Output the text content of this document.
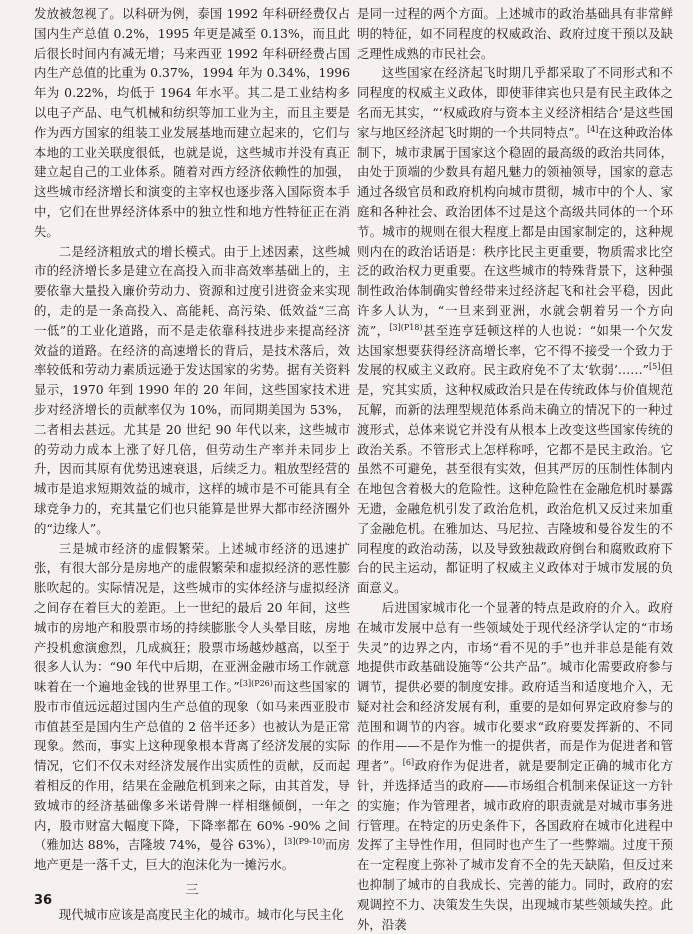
发放被忽视了。以科研为例，泰国 1992 年科研经费仅占国内生产总值 0.2%，1995 年更是减至 0.13%，而且此后很长时间内有减无增；马来西亚 1992 年科研经费占国内生产总值的比重为 0.37%，1994 年为 0.34%，1996 年为 0.22%，均低于 1964 年水平。其二是工业结构多以电子产品、电气机械和纺织等加工业为主，而且主要是作为西方国家的组装工业发展基地而建立起来的，它们与本地的工业关联度很低，也就是说，这些城市并没有真正建立起自己的工业体系。随着对西方经济依赖性的加强，这些城市经济增长和演变的主宰权也逐步落入国际资本手中，它们在世界经济体系中的独立性和地方性特征正在消失。

二是经济粗放式的增长模式。由于上述因素，这些城市的经济增长多是建立在高投入而非高效率基础上的，主要依靠大量投入廉价劳动力、资源和过度引进资金来实现的，走的是一条高投入、高能耗、高污染、低效益“三高一低”的工业化道路，而不是走依靠科技进步来提高经济效益的道路。在经济的高速增长的背后，是技术落后，效率较低和劳动力素质远逊于发达国家的劣势。据有关资料显示，1970 年到 1990 年的 20 年间，这些国家技术进步对经济增长的贡献率仅为 10%，而同期美国为 53%，二者相去甚远。尤其是 20 世纪 90 年代以来，这些城市的劳动力成本上涨了好几倍，但劳动生产率并未同步上升，因而其原有优势迅速衰退，后续乏力。粗放型经营的城市是追求短期效益的城市，这样的城市是不可能具有全球竞争力的，充其量它们也只能算是世界大都市经济圈外的“边缘人”。

三是城市经济的虚假繁荣。上述城市经济的迅速扩张，有很大部分是房地产的虚假繁荣和虚拟经济的恶性膨胀吹起的。实际情况是，这些城市的实体经济与虚拟经济之间存在着巨大的差距。上一世纪的最后 20 年间，这些城市的房地产和股票市场的持续膨胀令人头晕目眩，房地产投机愈演愈烈，几成疯狂；股票市场越炒越高，以至于很多人认为：“90 年代中后期，在亚洲金融市场工作就意味着在一个遍地金钱的世界里工作。”$^{[3](P26)}$而这些国家的股市市值远远超过国内生产总值的现象（如马来西亚股市市值甚至是国内生产总值的 2 倍半还多）也被认为是正常现象。然而，事实上这种现象根本背离了经济发展的实际情况，它们不仅未对经济发展作出实质性的贡献，反而起着相反的作用，结果在金融危机到来之际，由其首发，导致城市的经济基础像多米诺骨牌一样相继倾倒，一年之内，股市财富大幅度下降，下降率都在 60% -90% 之间（雅加达 88%，吉隆坡 74%，曼谷 63%），$^{[3](P9-10)}$而房地产更是一落千丈，巨大的泡沫化为一摊污水。

三

现代城市应该是高度民主化的城市。城市化与民主化

是同一过程的两个方面。上述城市的政治基础具有非常鲜明的特征，如不同程度的权威政治、政府过度干预以及缺乏理性成熟的市民社会。

这些国家在经济起飞时期几乎都采取了不同形式和不同程度的权威主义政体，即使菲律宾也只是有民主政体之名而无其实，“‘权威政府与资本主义经济相结合’是这些国家与地区经济起飞时期的一个共同特点”。[4]在这种政治体制下，城市隶属于国家这个稳固的最高级的政治共同体，由处于顶端的少数具有超凡魅力的领袖领导，国家的意志通过各级官员和政府机构向城市贯彻，城市中的个人、家庭和各种社会、政治团体不过是这个高级共同体的一个环节。城市的规则在很大程度上都是由国家制定的，这种规则内在的政治话语是：秩序比民主更重要，物质需求比空泛的政治权力更重要。在这些城市的特殊背景下，这种强制性政治体制确实曾经带来过经济起飞和社会平稳，因此许多人认为，“一旦来到亚洲，水就会朝着另一个方向流”，$^{[3](P18)}$甚至连亨廷顿这样的人也说：“如果一个欠发达国家想要获得经济高增长率，它不得不接受一个致力于发展的权威主义政府。民主政府免不了太‘软弱’……”[5]但是，究其实质，这种权威政治只是在传统政体与价值规范瓦解，而新的法理型规范体系尚未确立的情况下的一种过渡形式，总体来说它并没有从根本上改变这些国家传统的政治关系。不管形式上怎样称呼，它都不是民主政治。它虽然不可避免，甚至很有实效，但其严厉的压制性体制内在地包含着极大的危险性。这种危险性在金融危机时暴露无遗，金融危机引发了政治危机，政治危机又反过来加重了金融危机。在雅加达、马尼拉、吉隆坡和曼谷发生的不同程度的政治动荡，以及导致独裁政府倒台和腐败政府下台的民主运动，都证明了权威主义政体对于城市发展的负面意义。

后进国家城市化一个显著的特点是政府的介入。政府在城市发展中总有一些领域处于现代经济学认定的“市场失灵”的边界之内，市场“看不见的手”也并非总是能有效地提供市政基础设施等“公共产品”。城市化需要政府参与调节，提供必要的制度安排。政府适当和适度地介入，无疑对社会和经济发展有利，重要的是如何界定政府参与的范围和调节的内容。城市化要求“政府要发挥新的、不同的作用——不是作为惟一的提供者，而是作为促进者和管理者”。[6]政府作为促进者，就是要制定正确的城市化方针，并选择适当的政府——市场组合机制来保证这一方针的实施；作为管理者，城市政府的职责就是对城市事务进行管理。在特定的历史条件下，各国政府在城市化进程中发挥了主导性作用，但同时也产生了一些弊端。过度干预在一定程度上弥补了城市发育不全的先天缺陷，但反过来也抑制了城市的自我成长、完善的能力。同时，政府的宏观调控不力、决策发生失误，出现城市某些领域失控。此外，沿袭

36
